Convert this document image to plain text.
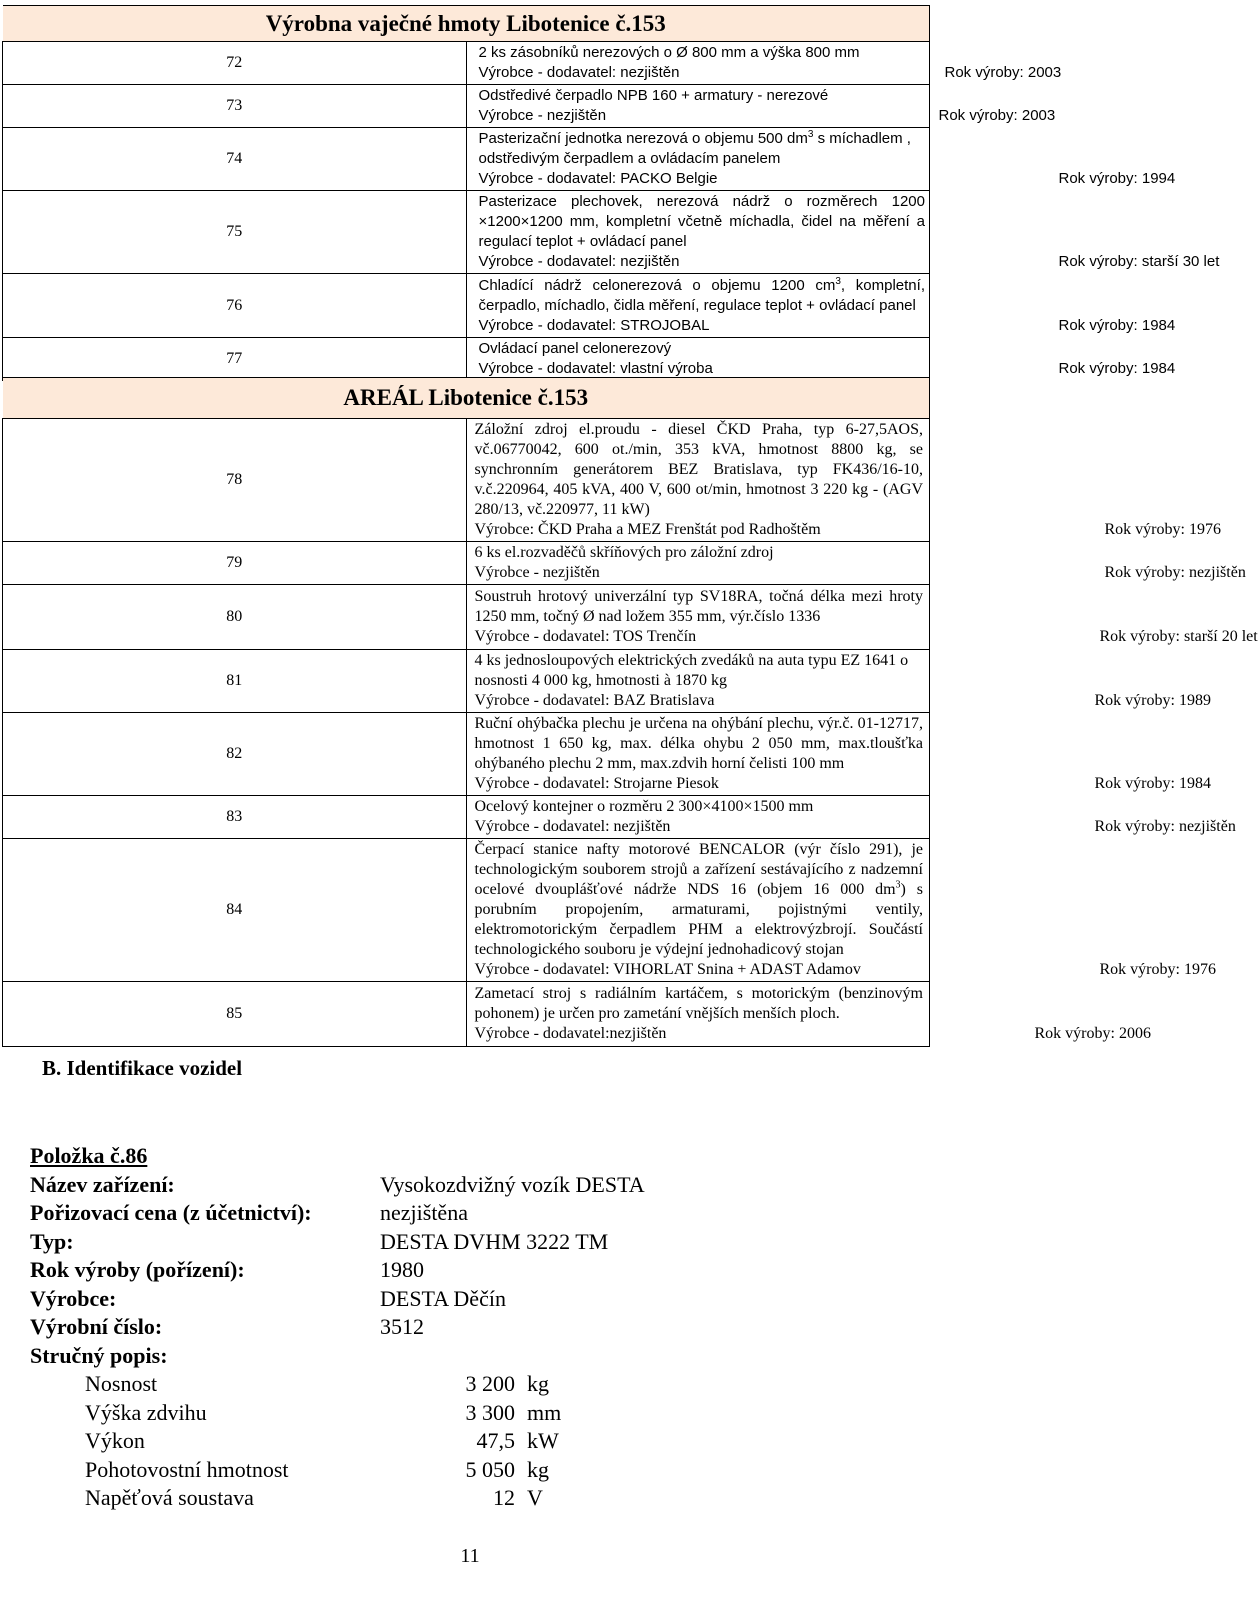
Výrobna vaječné hmoty Libotenice č.153	
72	2 ks zásobníků nerezových o Ø 800 mm a výška 800 mm
Výrobce - dodavatel: nezjištěn Rok výroby: 2003

73	Odstředivé čerpadlo NPB 160 + armatury - nerezové
Výrobce - nezjištěn Rok výroby: 2003

74	Pasterizační jednotka nerezová o objemu 500 $dm^3$ s míchadlem , odstředivým čerpadlem a ovládacím panelem
Výrobce - dodavatel: PACKO Belgie Rok výroby: 1994

75	Pasterizace plechovek, nerezová nádrž o rozměrech 1200 ×1200×1200 mm, kompletní včetně míchadla, čidel na měření a regulací teplot + ovládací panel
Výrobce - dodavatel: nezjištěn Rok výroby: starší 30 let

76	Chladící nádrž celonerezová o objemu 1200 $cm^3$, kompletní, čerpadlo, míchadlo, čidla měření, regulace teplot + ovládací panel
Výrobce - dodavatel: STROJOBAL Rok výroby: 1984

77	Ovládací panel celonerezový
Výrobce - dodavatel: vlastní výroba Rok výroby: 1984
AREÁL Libotenice č.153	
78	Záložní zdroj el.proudu - diesel ČKD Praha, typ 6-27,5AOS, vč.06770042, 600 ot./min, 353 kVA, hmotnost 8800 kg, se synchronním generátorem BEZ Bratislava, typ FK436/16-10, v.č.220964, 405 kVA, 400 V, 600 ot/min, hmotnost 3 220 kg - (AGV 280/13, vč.220977, 11 kW)
Výrobce: ČKD Praha a MEZ Frenštát pod Radhoštěm Rok výroby: 1976

79	6 ks el.rozvaděčů skříňových pro záložní zdroj
Výrobce - nezjištěn Rok výroby: nezjištěn

80	Soustruh hrotový univerzální typ SV18RA, točná délka mezi hroty 1250 mm, točný Ø nad ložem 355 mm, výr.číslo 1336
Výrobce - dodavatel: TOS Trenčín Rok výroby: starší 20 let

81	4 ks jednosloupových elektrických zvedáků na auta typu EZ 1641 o nosnosti 4 000 kg, hmotnosti à 1870 kg
Výrobce - dodavatel: BAZ Bratislava Rok výroby: 1989

82	Ruční ohýbačka plechu je určena na ohýbání plechu, výr.č. 01-12717, hmotnost 1 650 kg, max. délka ohybu 2 050 mm, max.tloušťka ohýbaného plechu 2 mm, max.zdvih horní čelisti 100 mm
Výrobce - dodavatel: Strojarne Piesok Rok výroby: 1984

83	Ocelový kontejner o rozměru 2 300×4100×1500 mm
Výrobce - dodavatel: nezjištěn Rok výroby: nezjištěn

84	Čerpací stanice nafty motorové BENCALOR (výr číslo 291), je technologickým souborem strojů a zařízení sestávajícího z nadzemní ocelové dvouplášťové nádrže NDS 16 (objem 16 000 $dm^3$) s porubním propojením, armaturami, pojistnými ventily, elektromotorickým čerpadlem PHM a elektrovýzbrojí. Součástí technologického souboru je výdejní jednohadicový stojan
Výrobce - dodavatel: VIHORLAT Snina + ADAST Adamov Rok výroby: 1976

85	Zametací stroj s radiálním kartáčem, s motorickým (benzinovým pohonem) je určen pro zametání vnějších menších ploch.
Výrobce - dodavatel:nezjištěn Rok výroby: 2006
B. Identifikace vozidel
Položka č.86
Název zařízení:	Vysokozdvižný vozík DESTA
Pořizovací cena (z účetnictví):	nezjištěna
Typ:	DESTA DVHM 3222 TM
Rok výroby (pořízení):	1980
Výrobce:	DESTA Děčín
Výrobní číslo:	3512
Stručný popis:
Nosnost	3 200 kg
Výška zdvihu	3 300 mm
Výkon	47,5 kW
Pohotovostní hmotnost	5 050 kg
Napěťová soustava	12 V
11
